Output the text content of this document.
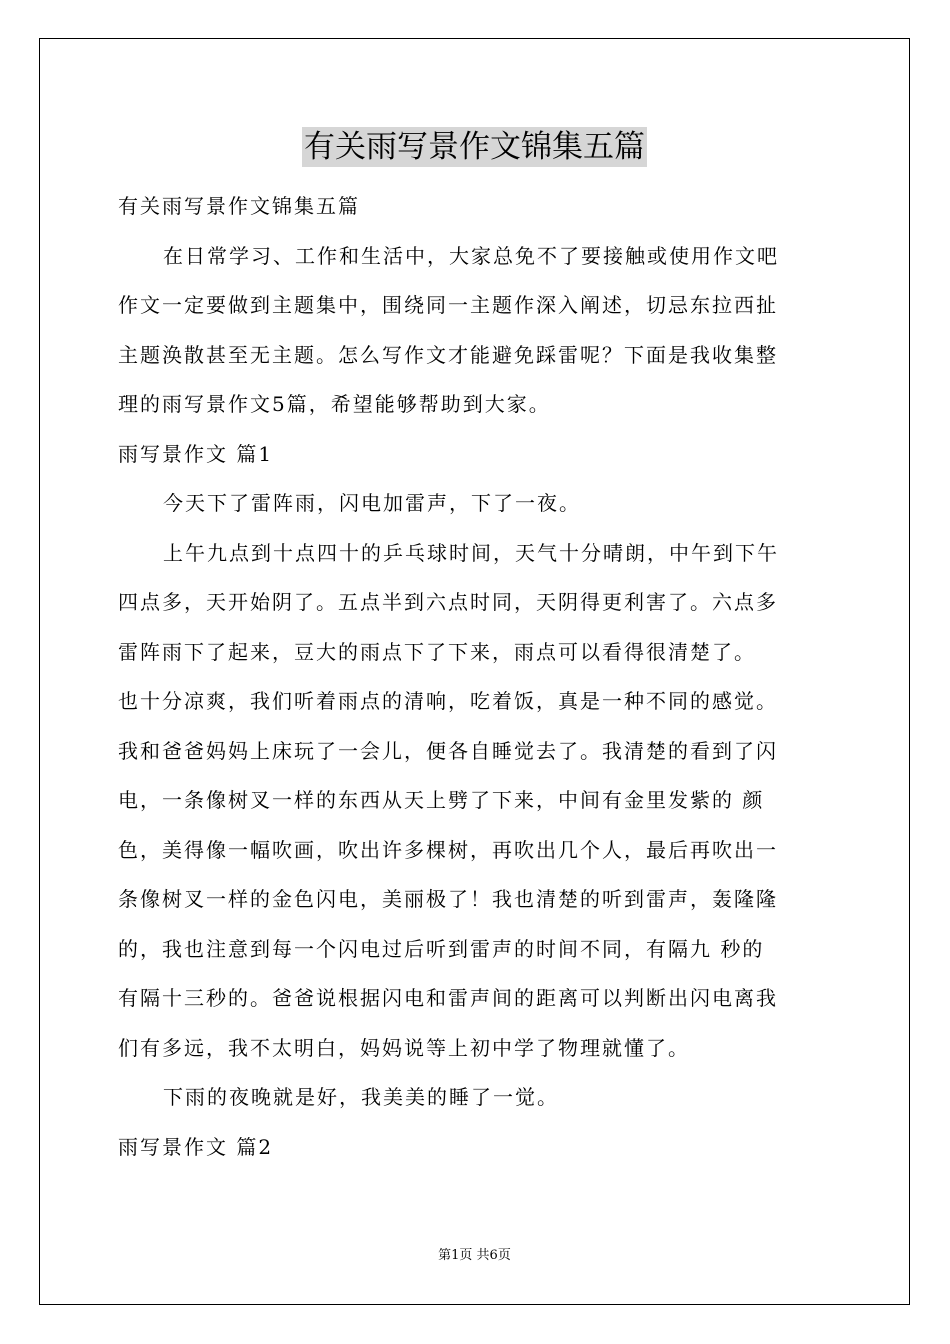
有关雨写景作文锦集五篇
有关雨写景作文锦集五篇
在日常学习、工作和生活中，大家总免不了要接触或使用作文吧
作文一定要做到主题集中，围绕同一主题作深入阐述，切忌东拉西扯
主题涣散甚至无主题。怎么写作文才能避免踩雷呢？下面是我收集整
理的雨写景作文5篇，希望能够帮助到大家。
雨写景作文 篇1
今天下了雷阵雨，闪电加雷声，下了一夜。
上午九点到十点四十的乒乓球时间，天气十分晴朗，中午到下午
四点多，天开始阴了。五点半到六点时同，天阴得更利害了。六点多
雷阵雨下了起来，豆大的雨点下了下来，雨点可以看得很清楚了。
也十分凉爽，我们听着雨点的清响，吃着饭，真是一种不同的感觉。
我和爸爸妈妈上床玩了一会儿，便各自睡觉去了。我清楚的看到了闪
电，一条像树叉一样的东西从天上劈了下来，中间有金里发紫的 颜
色，美得像一幅吹画，吹出许多棵树，再吹出几个人，最后再吹出一
条像树叉一样的金色闪电，美丽极了！我也清楚的听到雷声，轰隆隆
的，我也注意到每一个闪电过后听到雷声的时间不同，有隔九 秒的
有隔十三秒的。爸爸说根据闪电和雷声间的距离可以判断出闪电离我
们有多远，我不太明白，妈妈说等上初中学了物理就懂了。
下雨的夜晚就是好，我美美的睡了一觉。
雨写景作文 篇2
第1页 共6页
